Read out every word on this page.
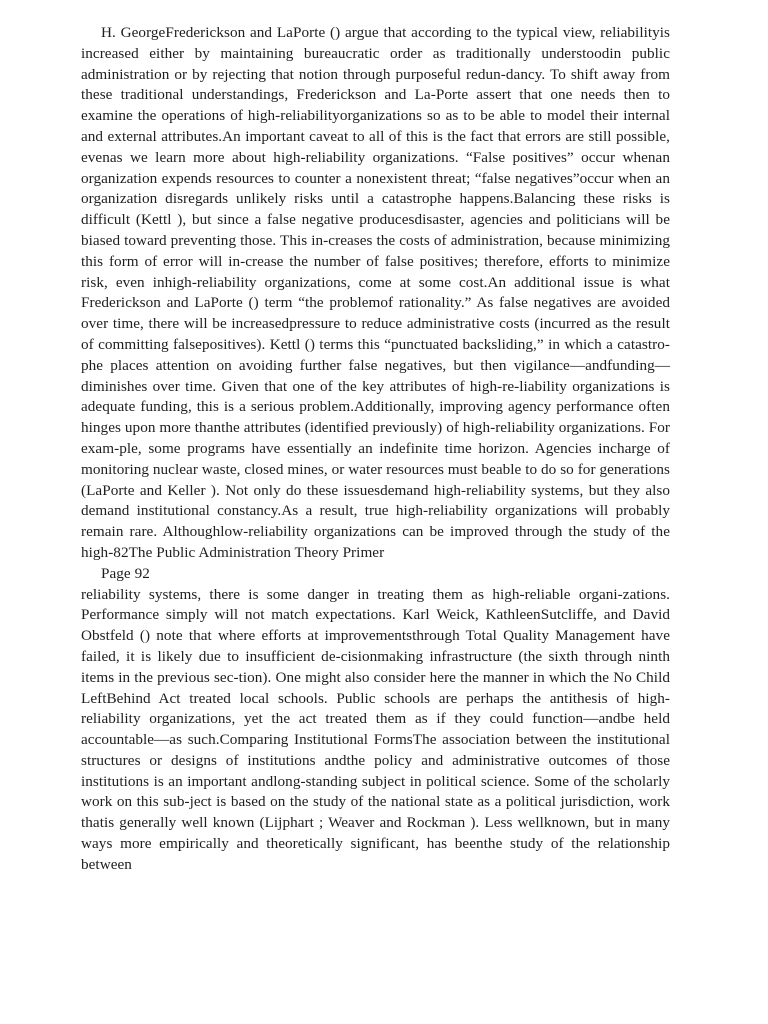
H. GeorgeFrederickson and LaPorte () argue that according to the typical view, reliabilityis increased either by maintaining bureaucratic order as traditionally understoodin public administration or by rejecting that notion through purposeful redun-dancy. To shift away from these traditional understandings, Frederickson and La-Porte assert that one needs then to examine the operations of high-reliabilityorganizations so as to be able to model their internal and external attributes.An important caveat to all of this is the fact that errors are still possible, evenas we learn more about high-reliability organizations. “False positives” occur whenan organization expends resources to counter a nonexistent threat; “false negatives”occur when an organization disregards unlikely risks until a catastrophe happens.Balancing these risks is difficult (Kettl ), but since a false negative producesdisaster, agencies and politicians will be biased toward preventing those. This in-creases the costs of administration, because minimizing this form of error will in-crease the number of false positives; therefore, efforts to minimize risk, even inhigh-reliability organizations, come at some cost.An additional issue is what Frederickson and LaPorte () term “the problemof rationality.” As false negatives are avoided over time, there will be increasedpressure to reduce administrative costs (incurred as the result of committing falsepositives). Kettl () terms this “punctuated backsliding,” in which a catastro-phe places attention on avoiding further false negatives, but then vigilance—andfunding—diminishes over time. Given that one of the key attributes of high-re-liability organizations is adequate funding, this is a serious problem.Additionally, improving agency performance often hinges upon more thanthe attributes (identified previously) of high-reliability organizations. For exam-ple, some programs have essentially an indefinite time horizon. Agencies incharge of monitoring nuclear waste, closed mines, or water resources must beable to do so for generations (LaPorte and Keller ). Not only do these issuesdemand high-reliability systems, but they also demand institutional constancy.As a result, true high-reliability organizations will probably remain rare. Althoughlow-reliability organizations can be improved through the study of the high-82The Public Administration Theory Primer

Page 92

reliability systems, there is some danger in treating them as high-reliable organi-zations. Performance simply will not match expectations. Karl Weick, KathleenSutcliffe, and David Obstfeld () note that where efforts at improvementsthrough Total Quality Management have failed, it is likely due to insufficient de-cisionmaking infrastructure (the sixth through ninth items in the previous sec-tion). One might also consider here the manner in which the No Child LeftBehind Act treated local schools. Public schools are perhaps the antithesis of high-reliability organizations, yet the act treated them as if they could function—andbe held accountable—as such.Comparing Institutional FormsThe association between the institutional structures or designs of institutions andthe policy and administrative outcomes of those institutions is an important andlong-standing subject in political science. Some of the scholarly work on this sub-ject is based on the study of the national state as a political jurisdiction, work thatis generally well known (Lijphart ; Weaver and Rockman ). Less wellknown, but in many ways more empirically and theoretically significant, has beenthe study of the relationship between
